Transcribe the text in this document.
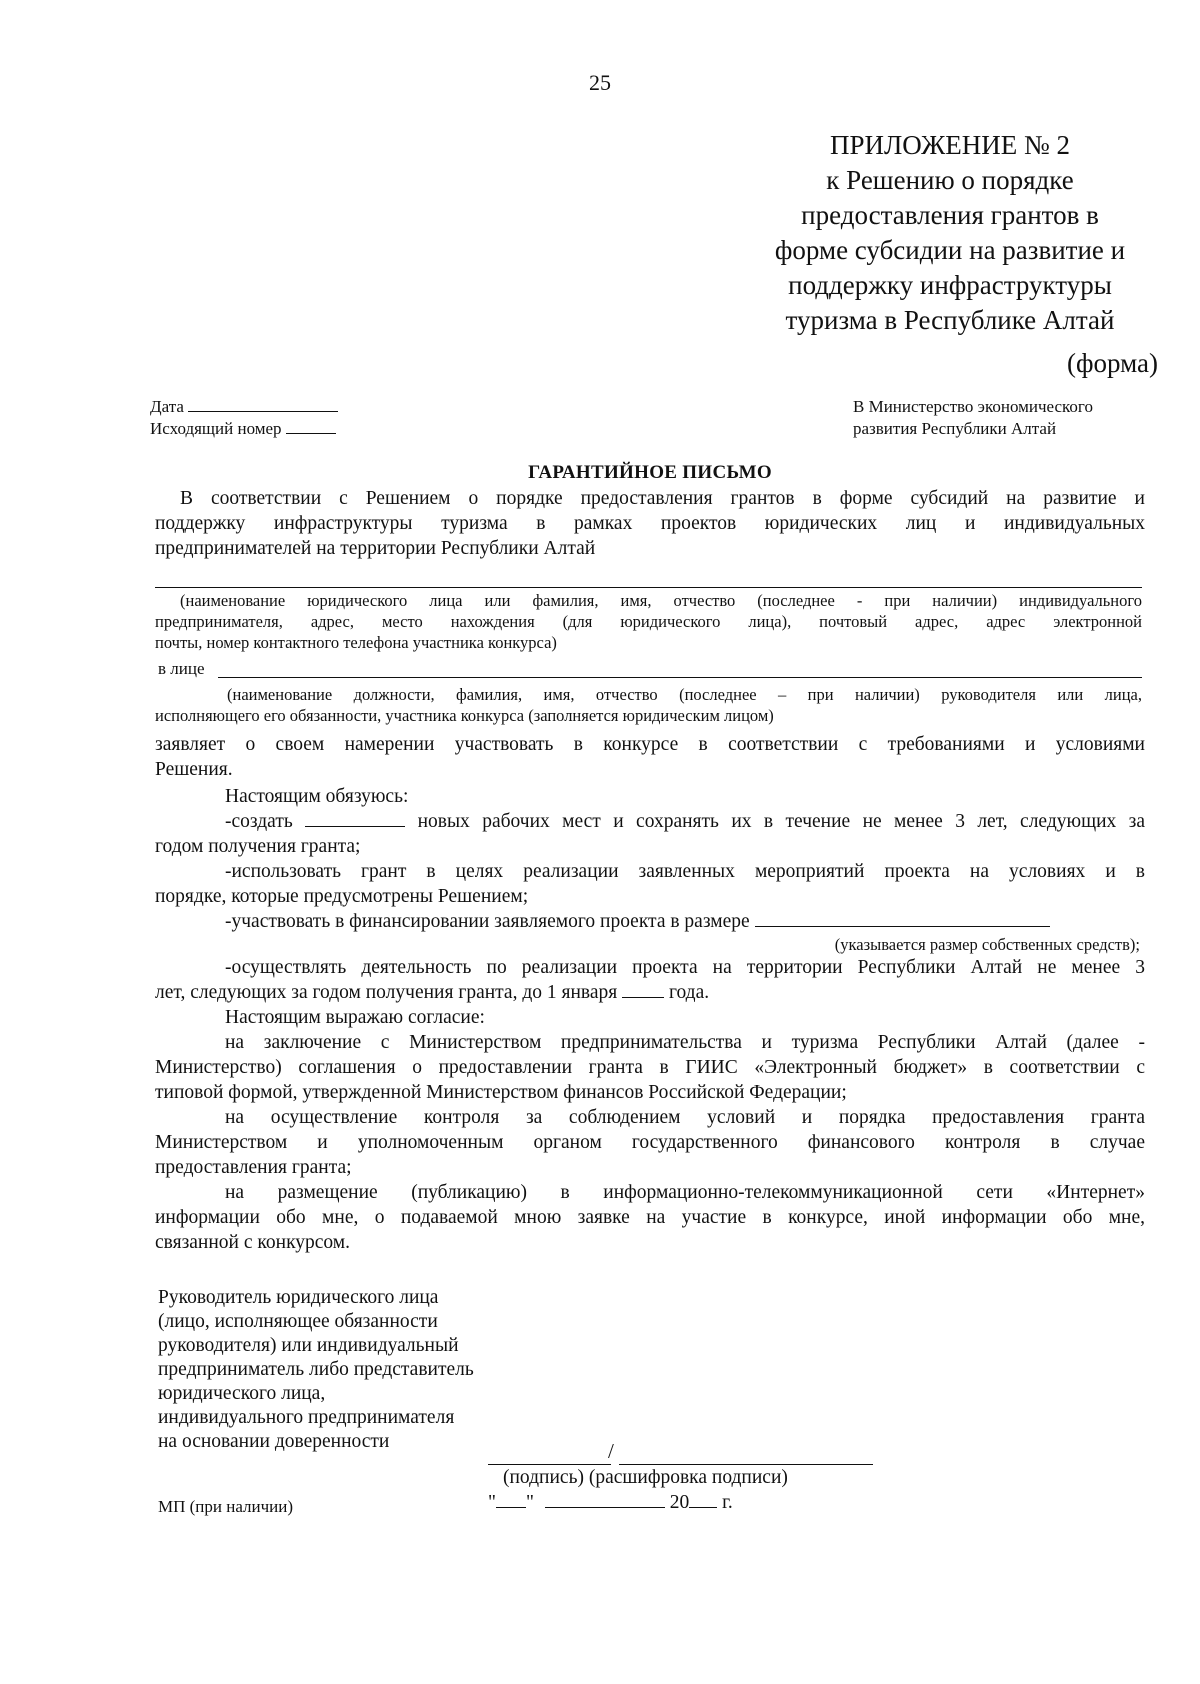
25
ПРИЛОЖЕНИЕ № 2
к Решению о порядке
предоставления грантов в
форме субсидии на развитие и
поддержку инфраструктуры
туризма в Республике Алтай
(форма)
Дата
Исходящий номер
В Министерство экономического
развития Республики Алтай
ГАРАНТИЙНОЕ ПИСЬМО
В соответствии с Решением о порядке предоставления грантов в форме субсидий на развитие и
поддержку инфраструктуры туризма в рамках проектов юридических лиц и индивидуальных
предпринимателей на территории Республики Алтай
(наименование юридического лица или фамилия, имя, отчество (последнее - при наличии) индивидуального
предпринимателя, адрес, место нахождения (для юридического лица), почтовый адрес, адрес электронной
почты, номер контактного телефона участника конкурса)
в лице
(наименование должности, фамилия, имя, отчество (последнее – при наличии) руководителя или лица,
исполняющего его обязанности, участника конкурса (заполняется юридическим лицом)
заявляет о своем намерении участвовать в конкурсе в соответствии с требованиями и условиями
Решения.
Настоящим обязуюсь:
-создать	новых рабочих мест и сохранять их в течение не менее 3 лет, следующих за
годом получения гранта;
-использовать грант в целях реализации заявленных мероприятий проекта на условиях и в
порядке, которые предусмотрены Решением;
-участвовать в финансировании заявляемого проекта в размере
(указывается размер собственных средств);
-осуществлять деятельность по реализации проекта на территории Республики Алтай не менее 3
лет, следующих за годом получения гранта, до 1 января	года.
Настоящим выражаю согласие:
на заключение с Министерством предпринимательства и туризма Республики Алтай (далее -
Министерство) соглашения о предоставлении гранта в ГИИС «Электронный бюджет» в соответствии с
типовой формой, утвержденной Министерством финансов Российской Федерации;
на осуществление контроля за соблюдением условий и порядка предоставления гранта
Министерством и уполномоченным органом государственного финансового контроля в случае
предоставления гранта;
на размещение (публикацию) в информационно-телекоммуникационной сети «Интернет»
информации обо мне, о подаваемой мною заявке на участие в конкурсе, иной информации обо мне,
связанной с конкурсом.
Руководитель юридического лица
(лицо, исполняющее обязанности
руководителя) или индивидуальный
предприниматель либо представитель
юридического лица,
индивидуального предпринимателя
на основании доверенности	/
(подпись) (расшифровка подписи)
МП (при наличии)	" "	20 г.
